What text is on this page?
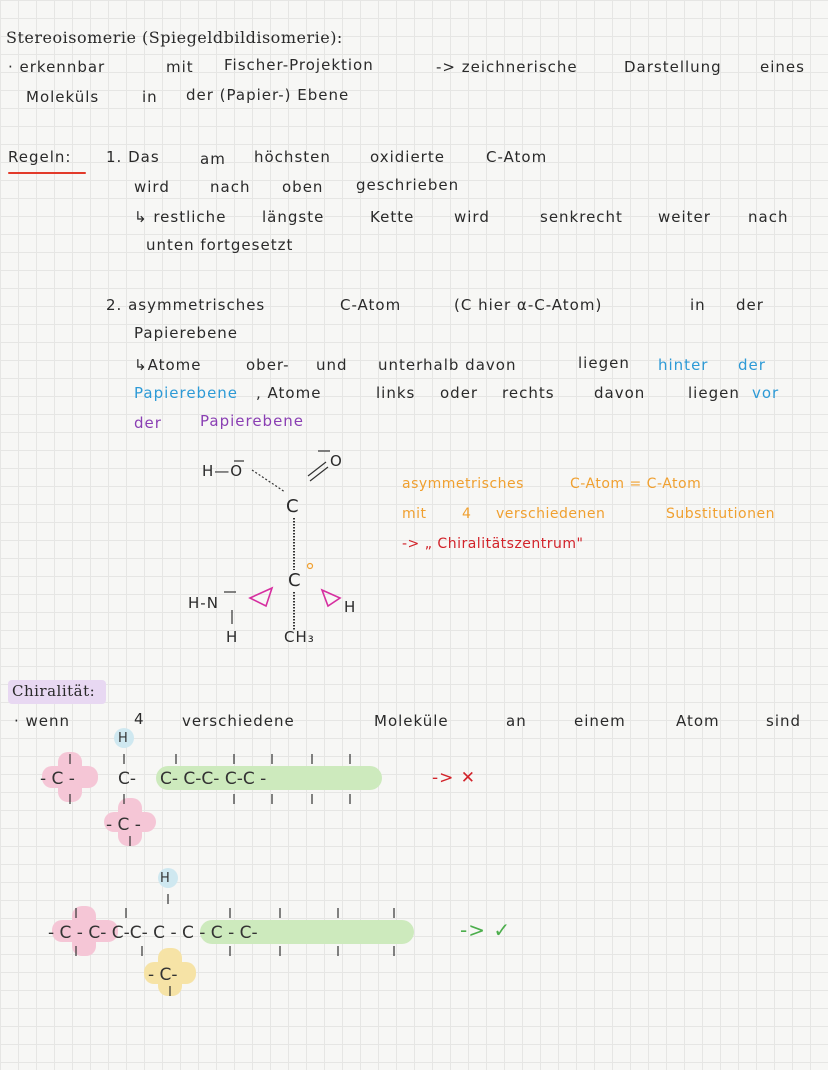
Stereoisomerie (Spiegeldbildisomerie):
· erkennbar	mit Fischer-Projektion	-> zeichnerische	Darstellung	eines
Moleküls	in der (Papier-) Ebene
Regeln: 1. Das	am höchsten	oxidierte	C-Atom
wird	nach oben geschrieben
↳ restliche längste	Kette	wird	senkrecht weiter nach
unten fortgesetzt
2. asymmetrisches	C-Atom	(C hier α-C-Atom)	in der
Papierebene
↳Atome	ober- und unterhalb davon	liegen hinter der
Papierebene , Atome	links oder rechts	davon	liegen vor
der	Papierebene
- C -	C- C- C-C- C-C -
H
- C -
- C - C- C-C- C - C - C - C-
H
- C-
H—O
O
C
C
H-N
H	CH₃
H
asymmetrisches	C-Atom = C-Atom
mit	4 verschiedenen	Substitutionen
-> „ Chiralitätszentrum"
Chiralität:
· wenn	4 verschiedene	Moleküle	an	einem	Atom	sind
-> ✕
-> ✓
